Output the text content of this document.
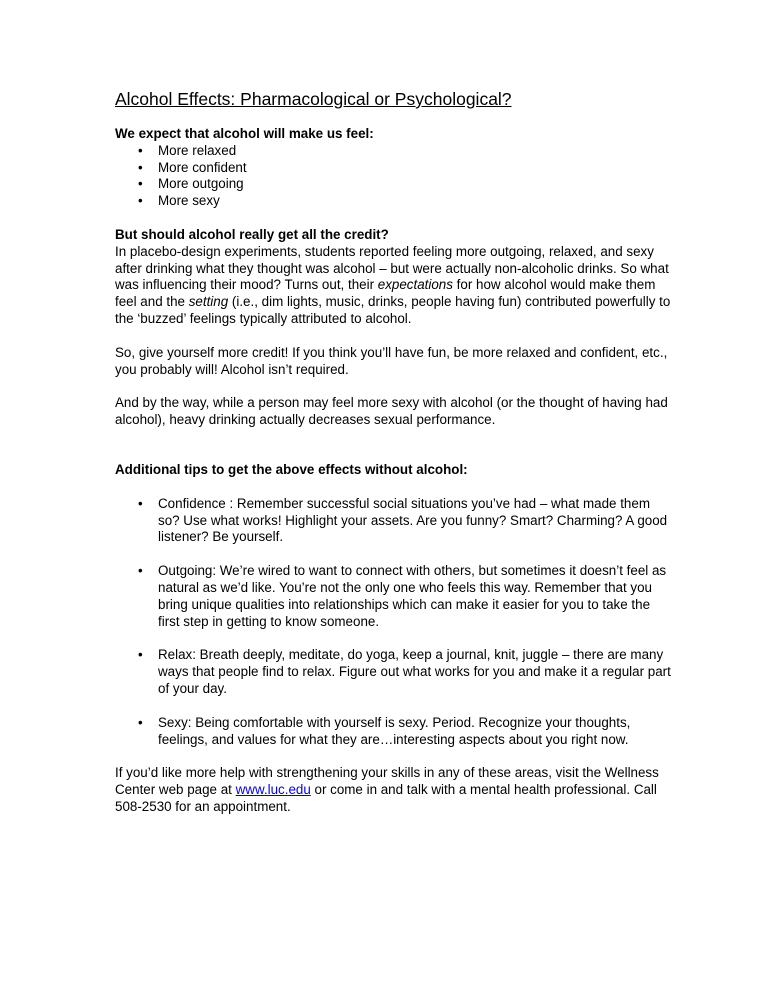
Alcohol Effects: Pharmacological or Psychological?

We expect that alcohol will make us feel:

• More relaxed
• More confident
• More outgoing
• More sexy

But should alcohol really get all the credit?

In placebo-design experiments, students reported feeling more outgoing, relaxed, and sexy after drinking what they thought was alcohol – but were actually non-alcoholic drinks. So what was influencing their mood? Turns out, their expectations for how alcohol would make them feel and the setting (i.e., dim lights, music, drinks, people having fun) contributed powerfully to the ‘buzzed’ feelings typically attributed to alcohol.

So, give yourself more credit! If you think you’ll have fun, be more relaxed and confident, etc., you probably will! Alcohol isn’t required.

And by the way, while a person may feel more sexy with alcohol (or the thought of having had alcohol), heavy drinking actually decreases sexual performance.

Additional tips to get the above effects without alcohol:

• Confidence : Remember successful social situations you’ve had – what made them so? Use what works! Highlight your assets. Are you funny? Smart? Charming? A good listener? Be yourself.
• Outgoing: We’re wired to want to connect with others, but sometimes it doesn’t feel as natural as we’d like. You’re not the only one who feels this way. Remember that you bring unique qualities into relationships which can make it easier for you to take the first step in getting to know someone.
• Relax: Breath deeply, meditate, do yoga, keep a journal, knit, juggle – there are many ways that people find to relax. Figure out what works for you and make it a regular part of your day.
• Sexy: Being comfortable with yourself is sexy. Period. Recognize your thoughts, feelings, and values for what they are…interesting aspects about you right now.

If you’d like more help with strengthening your skills in any of these areas, visit the Wellness Center web page at www.luc.edu or come in and talk with a mental health professional. Call 508-2530 for an appointment.
